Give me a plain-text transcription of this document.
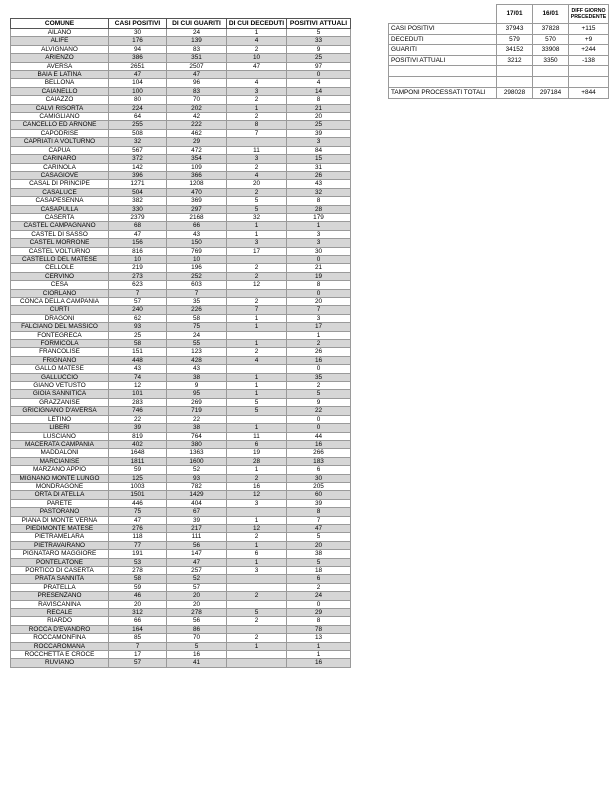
COMUNE	CASI POSITIVI	DI CUI GUARITI	DI CUI DECEDUTI	POSITIVI ATTUALI
AILANO	30	24	1	5
ALIFE	176	139	4	33
ALVIGNANO	94	83	2	9
ARIENZO	386	351	10	25
AVERSA	2651	2507	47	97
BAIA E LATINA	47	47		0
BELLONA	104	96	4	4
CAIANELLO	100	83	3	14
CAIAZZO	80	70	2	8
CALVI RISORTA	224	202	1	21
CAMIGLIANO	64	42	2	20
CANCELLO ED ARNONE	255	222	8	25
CAPODRISE	508	462	7	39
CAPRIATI A VOLTURNO	32	29		3
CAPUA	567	472	11	84
CARINARO	372	354	3	15
CARINOLA	142	109	2	31
CASAGIOVE	396	366	4	26
CASAL DI PRINCIPE	1271	1208	20	43
CASALUCE	504	470	2	32
CASAPESENNA	382	369	5	8
CASAPULLA	330	297	5	28
CASERTA	2379	2168	32	179
CASTEL CAMPAGNANO	68	66	1	1
CASTEL DI SASSO	47	43	1	3
CASTEL MORRONE	156	150	3	3
CASTEL VOLTURNO	816	769	17	30
CASTELLO DEL MATESE	10	10		0
CELLOLE	219	196	2	21
CERVINO	273	252	2	19
CESA	623	603	12	8
CIORLANO	7	7		0
CONCA DELLA CAMPANIA	57	35	2	20
CURTI	240	226	7	7
DRAGONI	62	58	1	3
FALCIANO DEL MASSICO	93	75	1	17
FONTEGRECA	25	24		1
FORMICOLA	58	55	1	2
FRANCOLISE	151	123	2	26
FRIGNANO	448	428	4	16
GALLO MATESE	43	43		0
GALLUCCIO	74	38	1	35
GIANO VETUSTO	12	9	1	2
GIOIA SANNITICA	101	95	1	5
GRAZZANISE	283	269	5	9
GRICIGNANO D'AVERSA	746	719	5	22
LETINO	22	22		0
LIBERI	39	38	1	0
LUSCIANO	819	764	11	44
MACERATA CAMPANIA	402	380	6	16
MADDALONI	1648	1363	19	266
MARCIANISE	1811	1600	28	183
MARZANO APPIO	59	52	1	6
MIGNANO MONTE LUNGO	125	93	2	30
MONDRAGONE	1003	782	16	205
ORTA DI ATELLA	1501	1429	12	60
PARETE	446	404	3	39
PASTORANO	75	67		8
PIANA DI MONTE VERNA	47	39	1	7
PIEDIMONTE MATESE	276	217	12	47
PIETRAMELARA	118	111	2	5
PIETRAVAIRANO	77	56	1	20
PIGNATARO MAGGIORE	191	147	6	38
PONTELATONE	53	47	1	5
PORTICO DI CASERTA	278	257	3	18
PRATA SANNITA	58	52		6
PRATELLA	59	57		2
PRESENZANO	46	20	2	24
RAVISCANINA	20	20		0
RECALE	312	278	5	29
RIARDO	66	56	2	8
ROCCA D'EVANDRO	164	86		78
ROCCAMONFINA	85	70	2	13
ROCCAROMANA	7	5	1	1
ROCCHETTA E CROCE	17	16		1
RUVIANO	57	41		16
	17/01	16/01	DIFF GIORNO PRECEDENTE
CASI POSITIVI	37943	37828	+115
DECEDUTI	579	570	+9
GUARITI	34152	33908	+244
POSITIVI ATTUALI	3212	3350	-138

TAMPONI PROCESSATI TOTALI	298028	297184	+844
